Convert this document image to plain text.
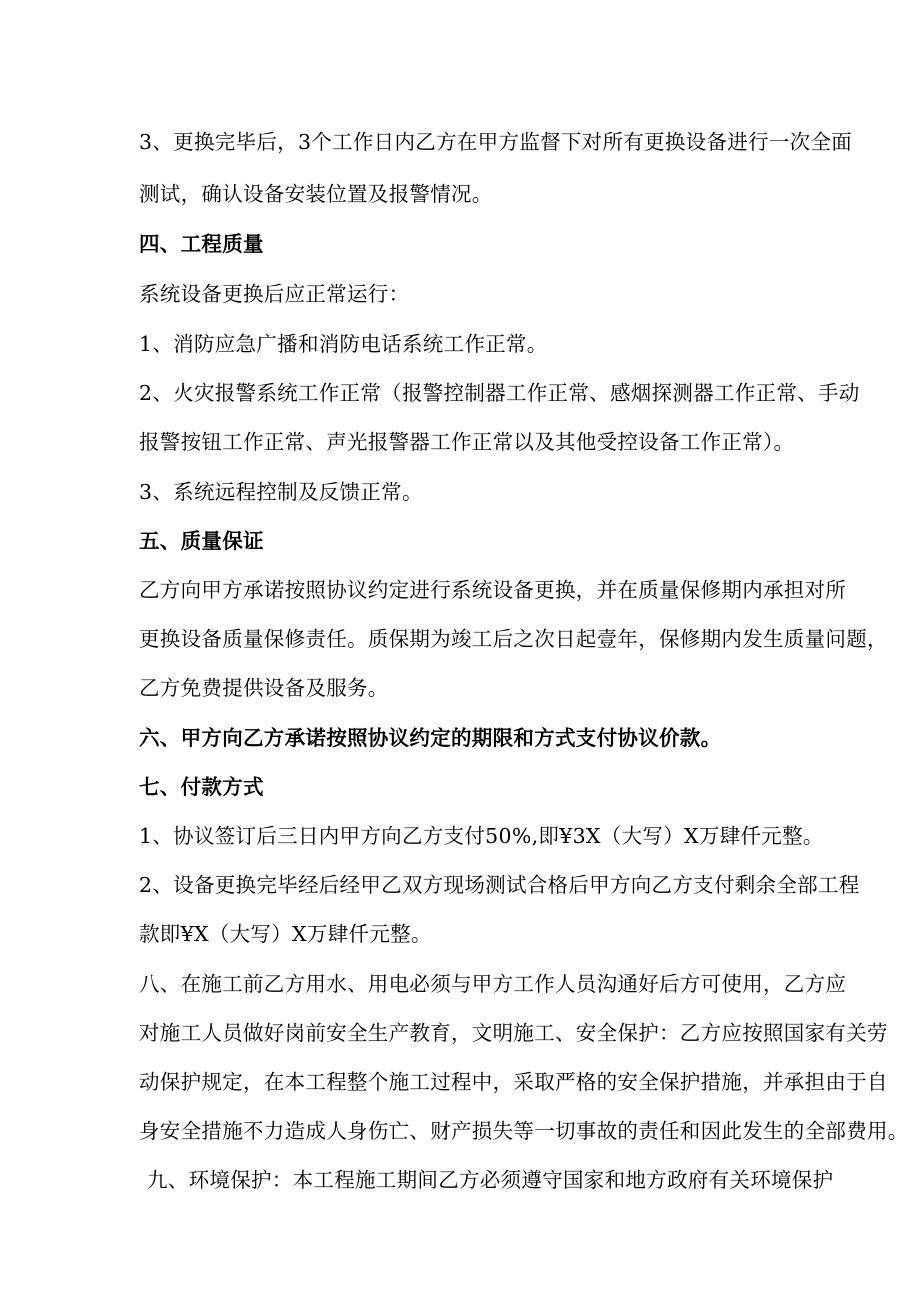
3、更换完毕后，3个工作日内乙方在甲方监督下对所有更换设备进行一次全面
测试，确认设备安装位置及报警情况。
四、工程质量
系统设备更换后应正常运行：
1、消防应急广播和消防电话系统工作正常。
2、火灾报警系统工作正常（报警控制器工作正常、感烟探测器工作正常、手动
报警按钮工作正常、声光报警器工作正常以及其他受控设备工作正常）。
3、系统远程控制及反馈正常。
五、质量保证
乙方向甲方承诺按照协议约定进行系统设备更换，并在质量保修期内承担对所
更换设备质量保修责任。质保期为竣工后之次日起壹年，保修期内发生质量问题，
乙方免费提供设备及服务。
六、甲方向乙方承诺按照协议约定的期限和方式支付协议价款。
七、付款方式
1、协议签订后三日内甲方向乙方支付50%,即¥3X（大写）X万肆仟元整。
2、设备更换完毕经后经甲乙双方现场测试合格后甲方向乙方支付剩余全部工程
款即¥X（大写）X万肆仟元整。
八、在施工前乙方用水、用电必须与甲方工作人员沟通好后方可使用，乙方应
对施工人员做好岗前安全生产教育，文明施工、安全保护：乙方应按照国家有关劳
动保护规定，在本工程整个施工过程中，采取严格的安全保护措施，并承担由于自
身安全措施不力造成人身伤亡、财产损失等一切事故的责任和因此发生的全部费用。
九、环境保护：本工程施工期间乙方必须遵守国家和地方政府有关环境保护
